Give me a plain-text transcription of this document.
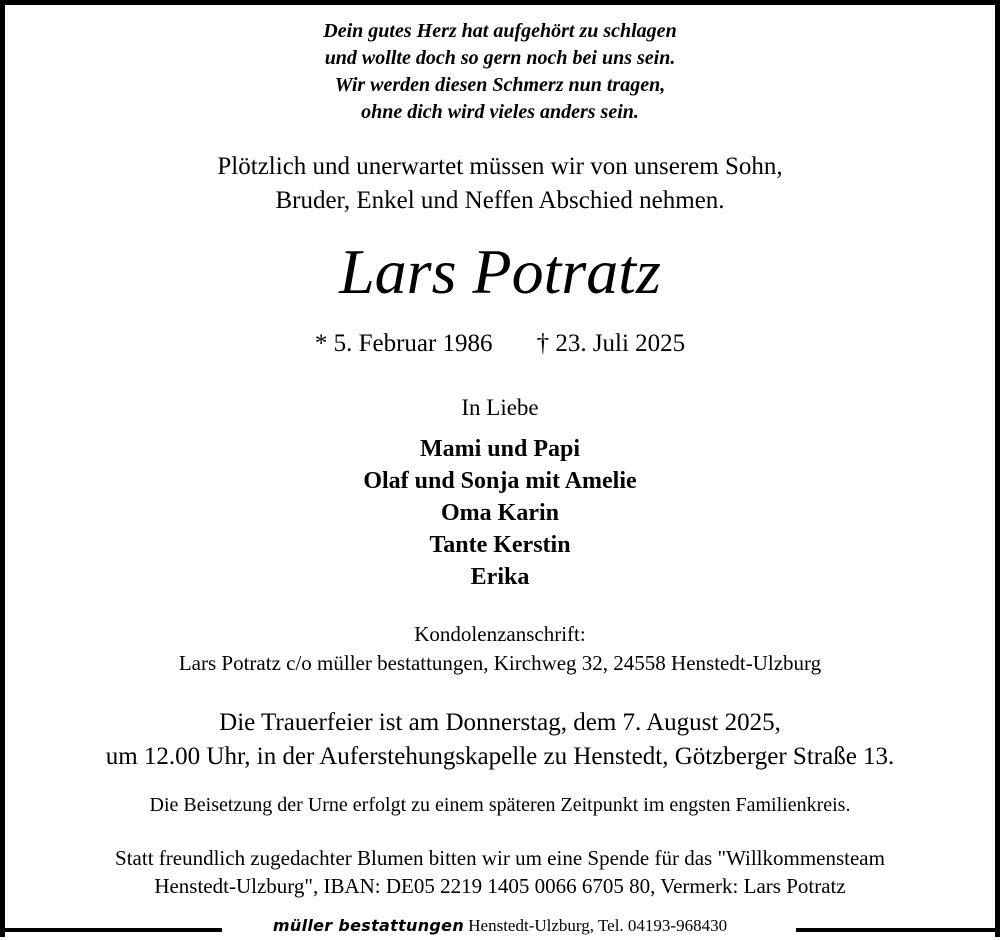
Dein gutes Herz hat aufgehört zu schlagen
und wollte doch so gern noch bei uns sein.
Wir werden diesen Schmerz nun tragen,
ohne dich wird vieles anders sein.
Plötzlich und unerwartet müssen wir von unserem Sohn,
Bruder, Enkel und Neffen Abschied nehmen.
Lars Potratz
* 5. Februar 1986 † 23. Juli 2025
In Liebe
Mami und Papi
Olaf und Sonja mit Amelie
Oma Karin
Tante Kerstin
Erika
Kondolenzanschrift:
Lars Potratz c/o müller bestattungen, Kirchweg 32, 24558 Henstedt-Ulzburg
Die Trauerfeier ist am Donnerstag, dem 7. August 2025,
um 12.00 Uhr, in der Auferstehungskapelle zu Henstedt, Götzberger Straße 13.
Die Beisetzung der Urne erfolgt zu einem späteren Zeitpunkt im engsten Familienkreis.
Statt freundlich zugedachter Blumen bitten wir um eine Spende für das "Willkommensteam
Henstedt-Ulzburg", IBAN: DE05 2219 1405 0066 6705 80, Vermerk: Lars Potratz
müller bestattungen Henstedt-Ulzburg, Tel. 04193-968430
